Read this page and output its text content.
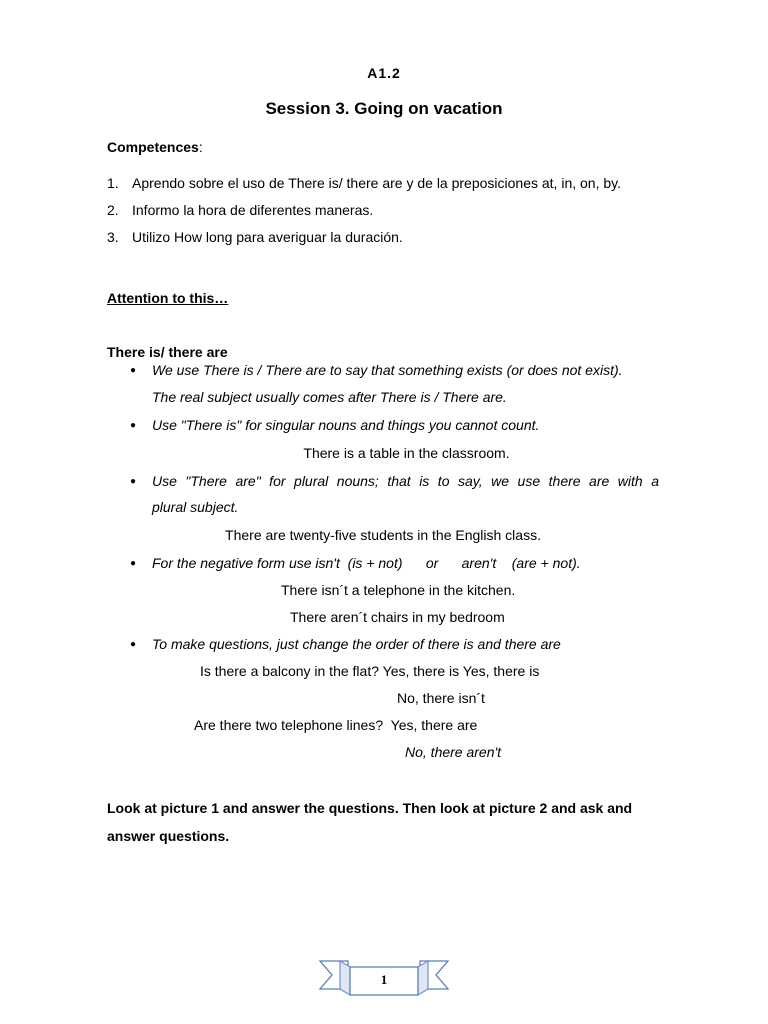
A1.2
Session 3. Going on vacation
Competences:
1. Aprendo sobre el uso de There is/ there are y de la preposiciones at, in, on, by.
2. Informo la hora de diferentes maneras.
3. Utilizo How long para averiguar la duración.
Attention to this…
There is/ there are
● We use There is / There are to say that something exists (or does not exist).
The real subject usually comes after There is / There are.
● Use "There is" for singular nouns and things you cannot count.
There is a table in the classroom.
● Use "There are" for plural nouns; that is to say, we use there are with a
plural subject.
There are twenty-five students in the English class.
● For the negative form use isn't  (is + not)      or      aren't    (are + not).
There isn´t a telephone in the kitchen.
There aren´t chairs in my bedroom
● To make questions, just change the order of there is and there are
Is there a balcony in the flat? Yes, there is Yes, there is
No, there isn´t
Are there two telephone lines?  Yes, there are
No, there aren't
Look at picture 1 and answer the questions. Then look at picture 2 and ask and answer questions.
1
